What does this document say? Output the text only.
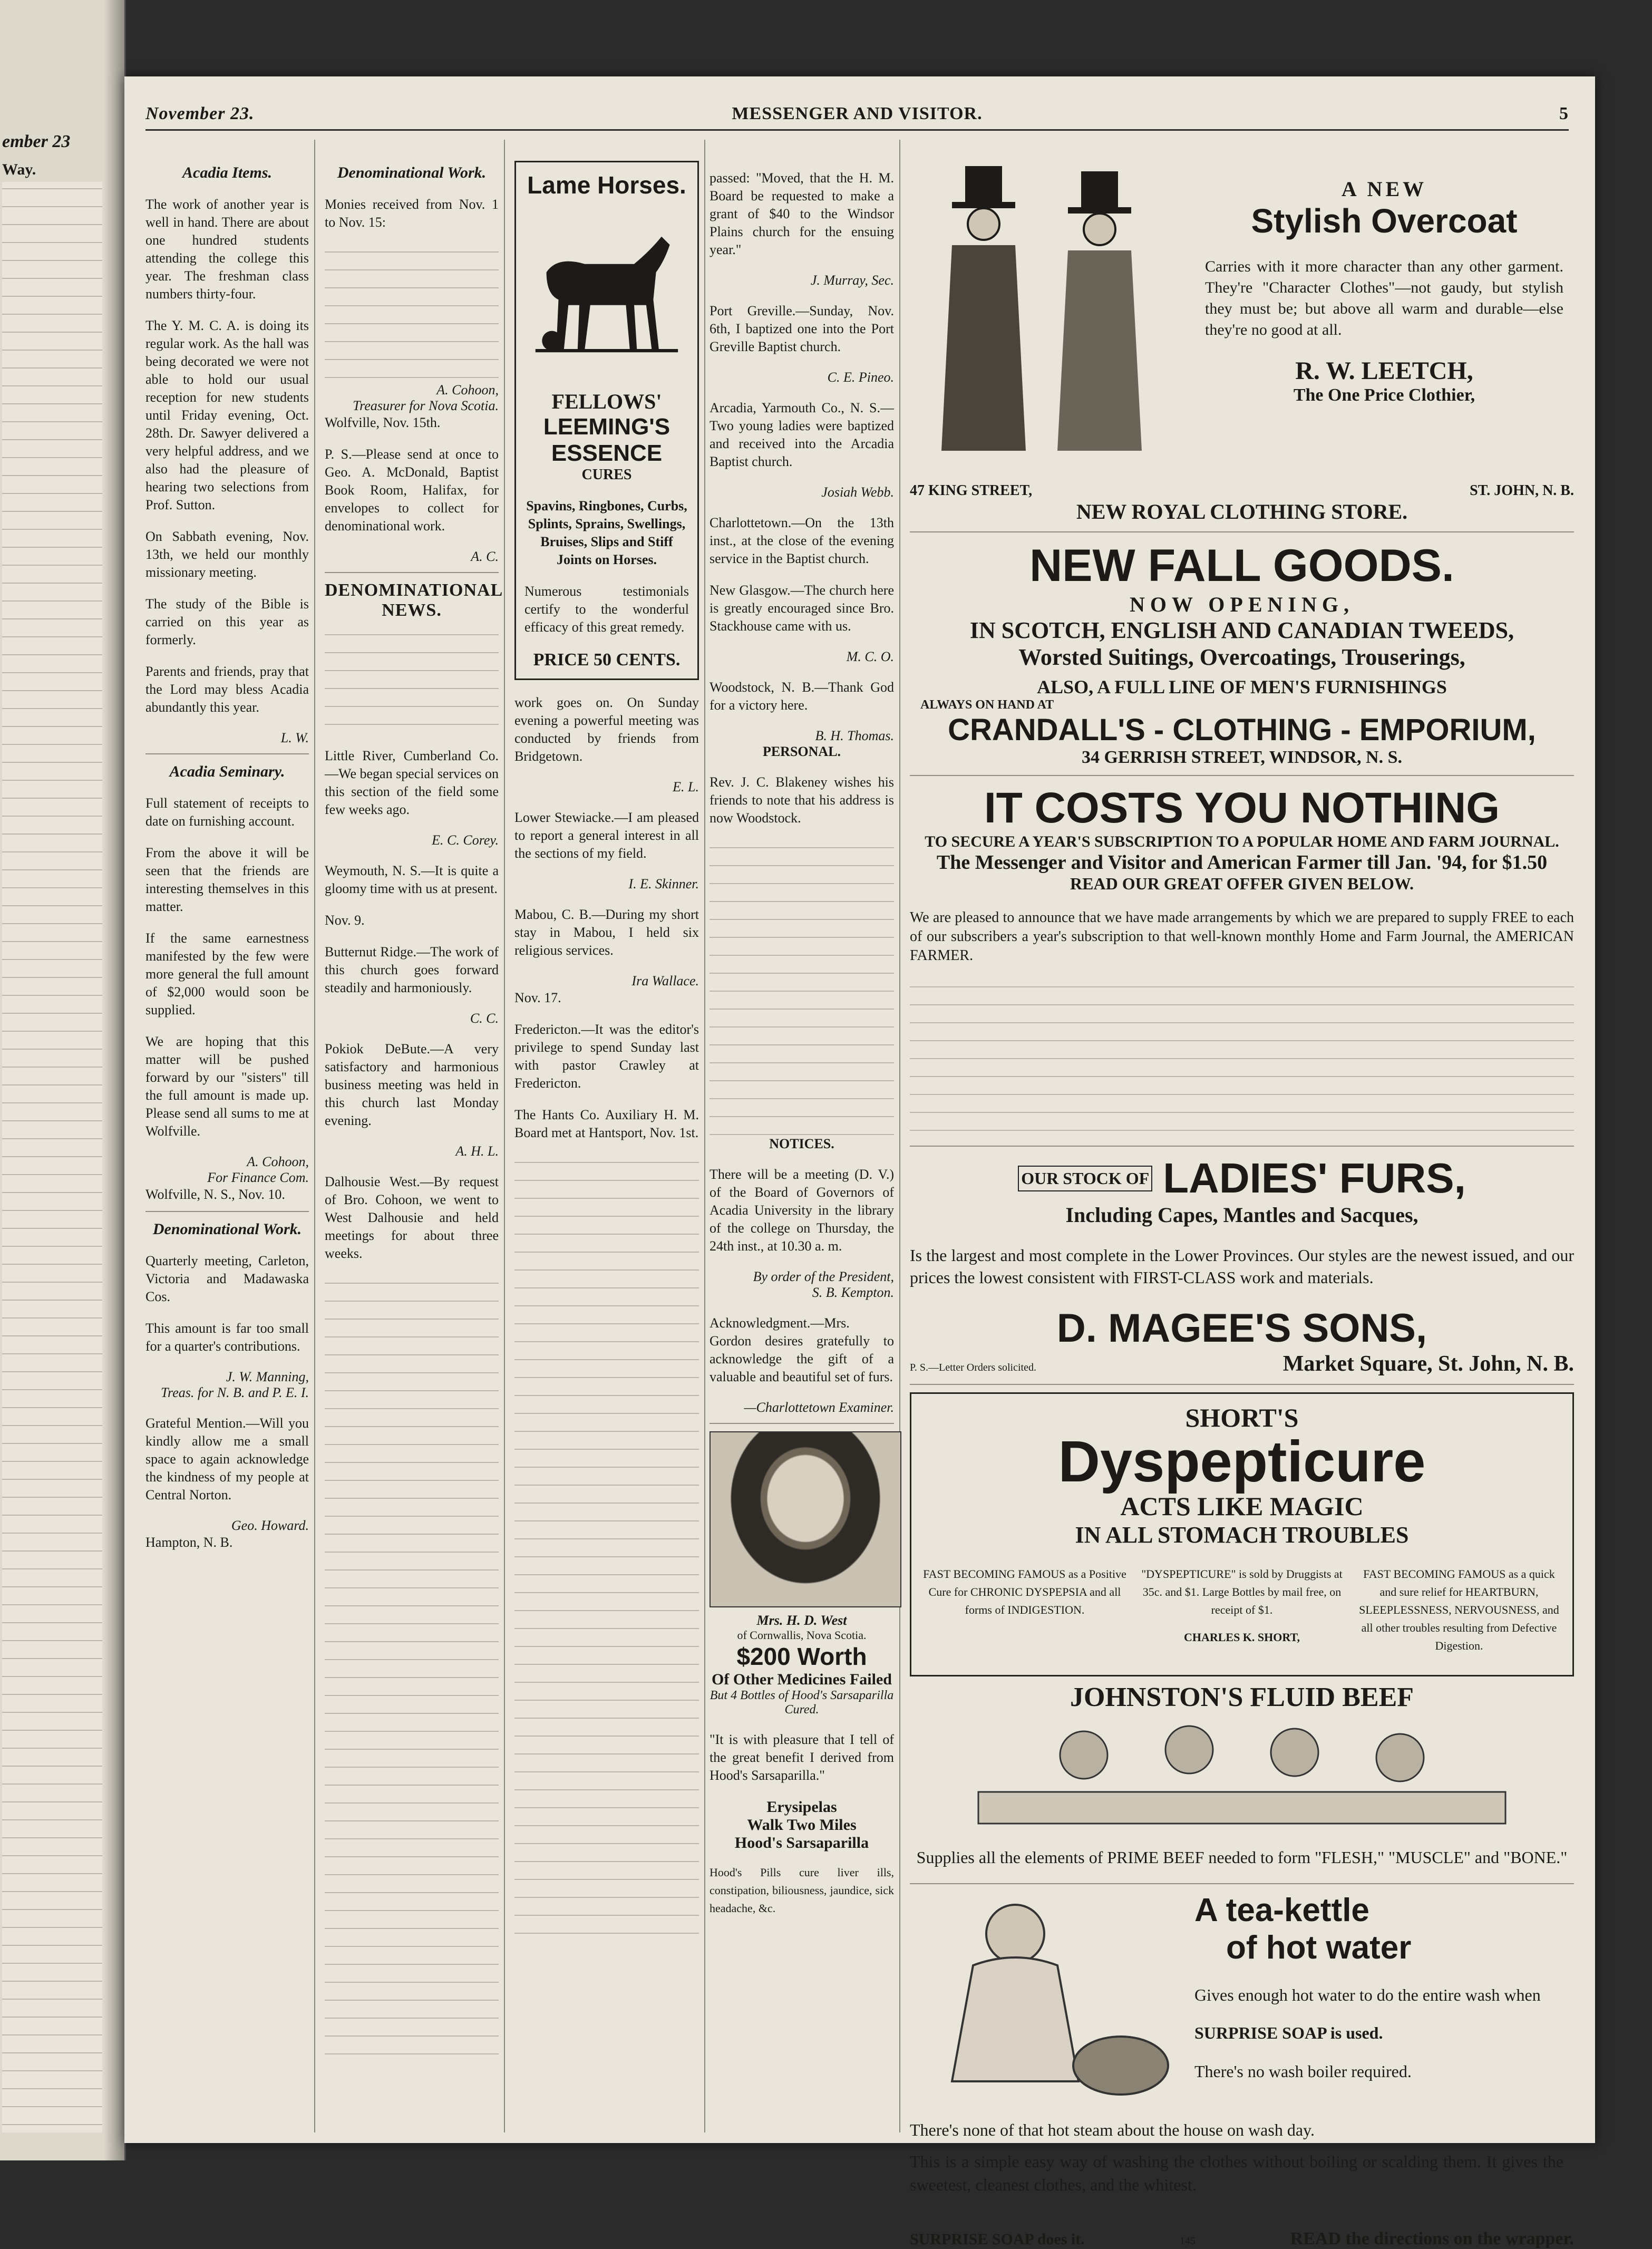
ember 23
Way.
November 23.	MESSENGER AND VISITOR.	5
Acadia Items.

The work of another year is well in hand. There are about one hundred students attending the college this year. The freshman class numbers thirty-four.

The Y. M. C. A. is doing its regular work. As the hall was being decorated we were not able to hold our usual reception for new students until Friday evening, Oct. 28th. Dr. Sawyer delivered a very helpful address, and we also had the pleasure of hearing two selections from Prof. Sutton.

On Sabbath evening, Nov. 13th, we held our monthly missionary meeting.

The study of the Bible is carried on this year as formerly.

Parents and friends, pray that the Lord may bless Acadia abundantly this year.

L. W.
Acadia Seminary.

Full statement of receipts to date on furnishing account.

From the above it will be seen that the friends are interesting themselves in this matter.

If the same earnestness manifested by the few were more general the full amount of $2,000 would soon be supplied.

We are hoping that this matter will be pushed forward by our "sisters" till the full amount is made up. Please send all sums to me at Wolfville.

A. Cohoon,
For Finance Com.
Wolfville, N. S., Nov. 10.
Denominational Work.

Quarterly meeting, Carleton, Victoria and Madawaska Cos.

This amount is far too small for a quarter's contributions.

J. W. Manning,
Treas. for N. B. and P. E. I.

Grateful Mention.—Will you kindly allow me a small space to again acknowledge the kindness of my people at Central Norton.

Geo. Howard.
Hampton, N. B.
Denominational Work.

Monies received from Nov. 1 to Nov. 15:

A. Cohoon,
Treasurer for Nova Scotia.
Wolfville, Nov. 15th.

P. S.—Please send at once to Geo. A. McDonald, Baptist Book Room, Halifax, for envelopes to collect for denominational work.

A. C.
DENOMINATIONAL NEWS.

Little River, Cumberland Co.—We began special services on this section of the field some few weeks ago.

E. C. Corey.

Weymouth, N. S.—It is quite a gloomy time with us at present.

Nov. 9.

Butternut Ridge.—The work of this church goes forward steadily and harmoniously.

C. C.

Pokiok DeBute.—A very satisfactory and harmonious business meeting was held in this church last Monday evening.

A. H. L.

Dalhousie West.—By request of Bro. Cohoon, we went to West Dalhousie and held meetings for about three weeks.

Lame Horses.
FELLOWS'
LEEMING'S ESSENCE
CURES

Spavins, Ringbones, Curbs, Splints, Sprains, Swellings, Bruises, Slips and Stiff Joints on Horses.

Numerous testimonials certify to the wonderful efficacy of this great remedy.

PRICE 50 CENTS.

work goes on. On Sunday evening a powerful meeting was conducted by friends from Bridgetown.

E. L.

Lower Stewiacke.—I am pleased to report a general interest in all the sections of my field.

I. E. Skinner.

Mabou, C. B.—During my short stay in Mabou, I held six religious services.

Ira Wallace.
Nov. 17.

Fredericton.—It was the editor's privilege to spend Sunday last with pastor Crawley at Fredericton.

The Hants Co. Auxiliary H. M. Board met at Hantsport, Nov. 1st.

passed: "Moved, that the H. M. Board be requested to make a grant of $40 to the Windsor Plains church for the ensuing year."

J. Murray, Sec.

Port Greville.—Sunday, Nov. 6th, I baptized one into the Port Greville Baptist church.

C. E. Pineo.

Arcadia, Yarmouth Co., N. S.—Two young ladies were baptized and received into the Arcadia Baptist church.

Josiah Webb.

Charlottetown.—On the 13th inst., at the close of the evening service in the Baptist church.

New Glasgow.—The church here is greatly encouraged since Bro. Stackhouse came with us.

M. C. O.

Woodstock, N. B.—Thank God for a victory here.

B. H. Thomas.
PERSONAL.

Rev. J. C. Blakeney wishes his friends to note that his address is now Woodstock.

NOTICES.

There will be a meeting (D. V.) of the Board of Governors of Acadia University in the library of the college on Thursday, the 24th inst., at 10.30 a. m.

By order of the President,
S. B. Kempton.

Acknowledgment.—Mrs. Gordon desires gratefully to acknowledge the gift of a valuable and beautiful set of furs.

—Charlottetown Examiner.
Mrs. H. D. West
of Cornwallis, Nova Scotia.
$200 Worth
Of Other Medicines Failed
But 4 Bottles of Hood's Sarsaparilla Cured.

"It is with pleasure that I tell of the great benefit I derived from Hood's Sarsaparilla."

Erysipelas
Walk Two Miles
Hood's Sarsaparilla

Hood's Pills cure liver ills, constipation, biliousness, jaundice, sick headache, &c.

A NEW
Stylish Overcoat

Carries with it more character than any other garment. They're "Character Clothes"—not gaudy, but stylish they must be; but above all warm and durable—else they're no good at all.

R. W. LEETCH,
The One Price Clothier,
47 KING STREET,	ST. JOHN, N. B.
NEW ROYAL CLOTHING STORE.
NEW FALL GOODS.
NOW OPENING,
IN SCOTCH, ENGLISH AND CANADIAN TWEEDS,
Worsted Suitings, Overcoatings, Trouserings,
ALSO, A FULL LINE OF MEN'S FURNISHINGS
ALWAYS ON HAND AT
CRANDALL'S - CLOTHING - EMPORIUM,
34 GERRISH STREET, WINDSOR, N. S.
IT COSTS YOU NOTHING
TO SECURE A YEAR'S SUBSCRIPTION TO A POPULAR HOME AND FARM JOURNAL.
The Messenger and Visitor and American Farmer till Jan. '94, for $1.50
READ OUR GREAT OFFER GIVEN BELOW.

We are pleased to announce that we have made arrangements by which we are prepared to supply FREE to each of our subscribers a year's subscription to that well-known monthly Home and Farm Journal, the AMERICAN FARMER.

OUR STOCK OF LADIES' FURS,
Including Capes, Mantles and Sacques,

Is the largest and most complete in the Lower Provinces. Our styles are the newest issued, and our prices the lowest consistent with FIRST-CLASS work and materials.

D. MAGEE'S SONS,
P. S.—Letter Orders solicited.	Market Square, St. John, N. B.
SHORT'S
Dyspepticure
ACTS LIKE MAGIC
IN ALL STOMACH TROUBLES

FAST BECOMING FAMOUS as a Positive Cure for CHRONIC DYSPEPSIA and all forms of INDIGESTION.

"DYSPEPTICURE" is sold by Druggists at 35c. and $1. Large Bottles by mail free, on receipt of $1.

CHARLES K. SHORT,

FAST BECOMING FAMOUS as a quick and sure relief for HEARTBURN, SLEEPLESSNESS, NERVOUSNESS, and all other troubles resulting from Defective Digestion.

JOHNSTON'S FLUID BEEF

Supplies all the elements of PRIME BEEF needed to form "FLESH," "MUSCLE" and "BONE."

A tea-kettle
of hot water

Gives enough hot water to do the entire wash when

SURPRISE SOAP is used.

There's no wash boiler required.

There's none of that hot steam about the house on wash day.

This is a simple easy way of washing the clothes without boiling or scalding them. It gives the sweetest, cleanest clothes, and the whitest.

SURPRISE SOAP does it.	145	READ the directions on the wrapper.
